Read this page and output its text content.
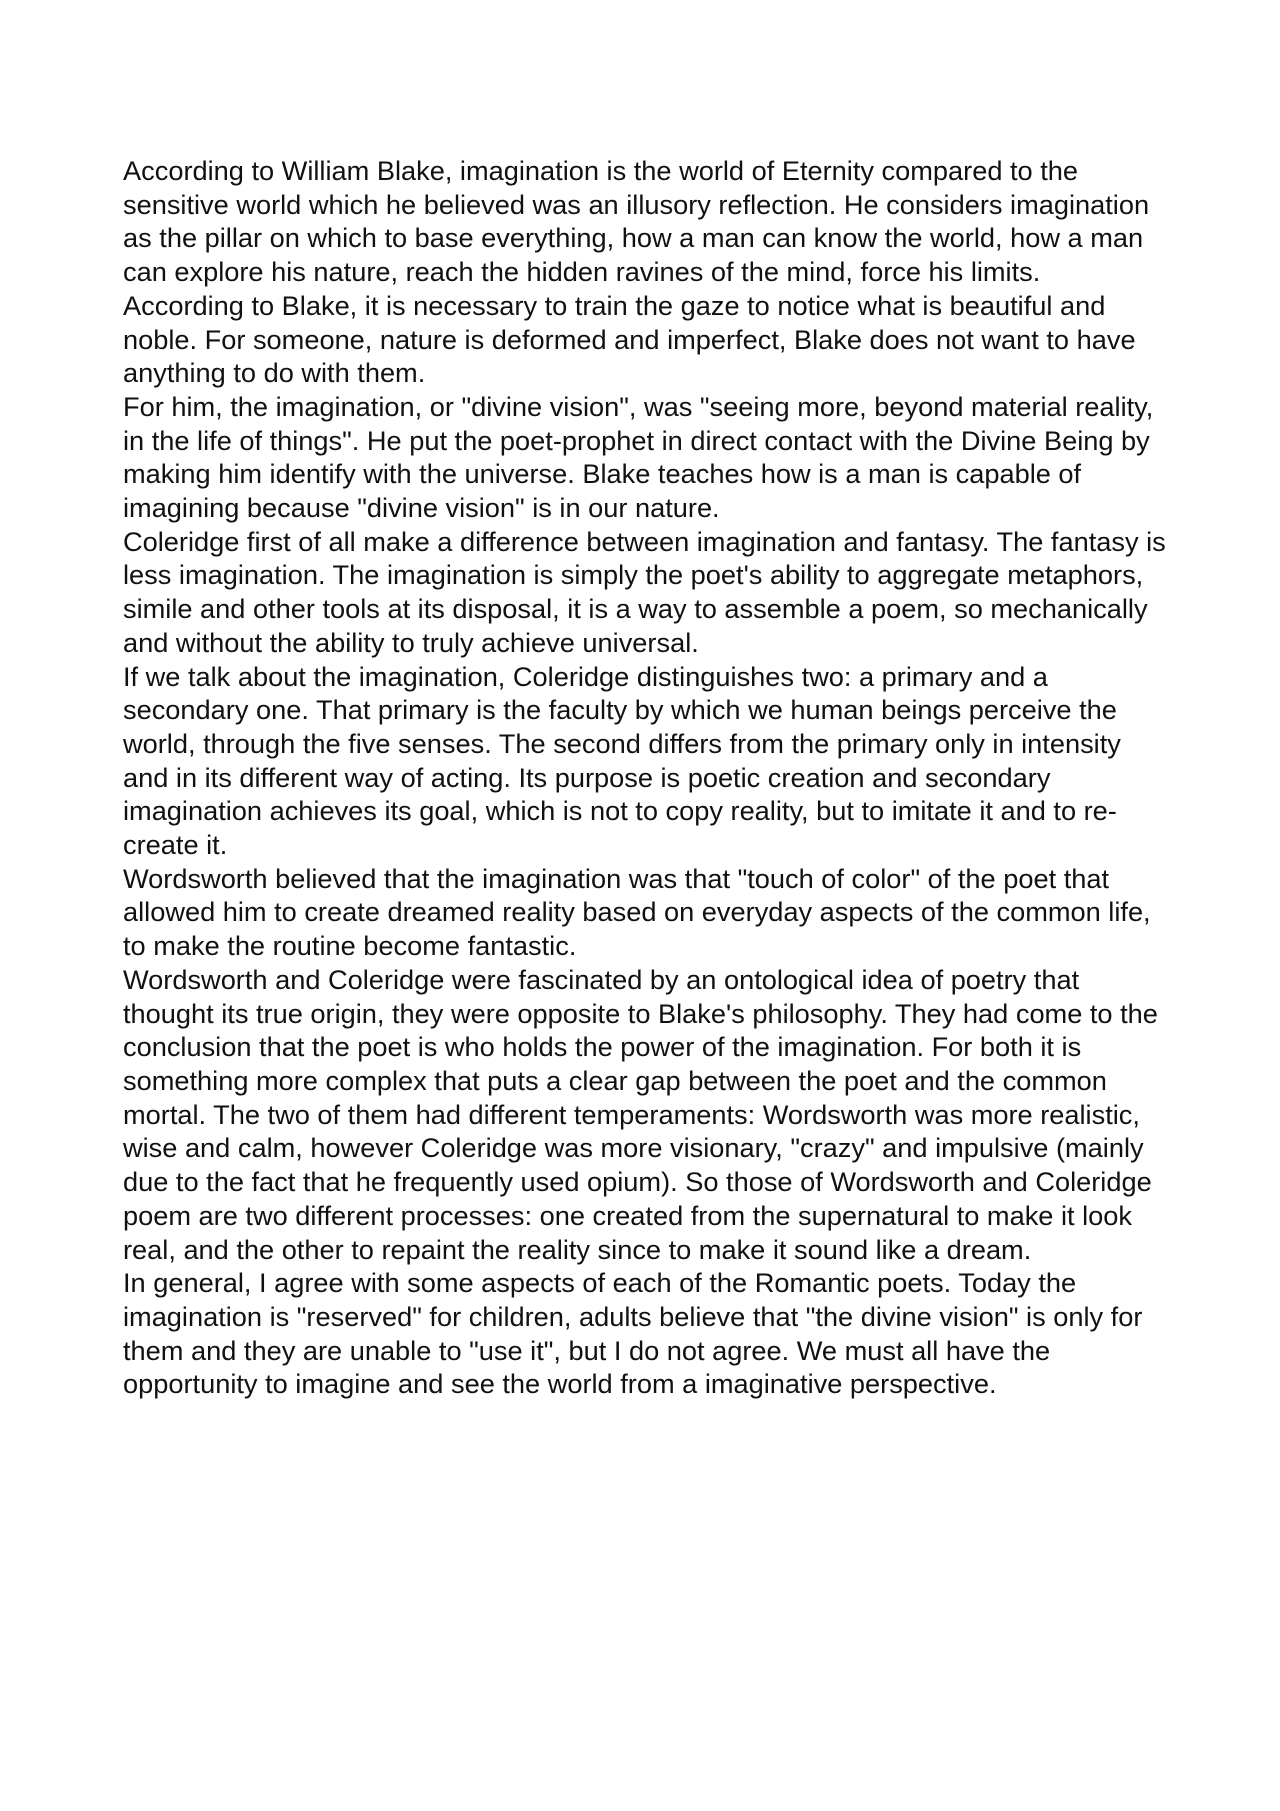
According to William Blake, imagination is the world of Eternity compared to the sensitive world which he believed was an illusory reflection. He considers imagination as the pillar on which to base everything, how a man can know the world, how a man can explore his nature, reach the hidden ravines of the mind, force his limits.

According to Blake, it is necessary to train the gaze to notice what is beautiful and noble. For someone, nature is deformed and imperfect, Blake does not want to have anything to do with them.

For him, the imagination, or "divine vision", was "seeing more, beyond material reality, in the life of things". He put the poet-prophet in direct contact with the Divine Being by making him identify with the universe. Blake teaches how is a man is capable of imagining because "divine vision" is in our nature.

Coleridge first of all make a difference between imagination and fantasy. The fantasy is less imagination. The imagination is simply the poet's ability to aggregate metaphors, simile and other tools at its disposal, it is a way to assemble a poem, so mechanically and without the ability to truly achieve universal.

If we talk about the imagination, Coleridge distinguishes two: a primary and a secondary one. That primary is the faculty by which we human beings perceive the world, through the five senses. The second differs from the primary only in intensity and in its different way of acting. Its purpose is poetic creation and secondary imagination achieves its goal, which is not to copy reality, but to imitate it and to re-create it.

Wordsworth believed that the imagination was that "touch of color" of the poet that allowed him to create dreamed reality based on everyday aspects of the common life, to make the routine become fantastic.

Wordsworth and Coleridge were fascinated by an ontological idea of poetry that thought its true origin, they were opposite to Blake's philosophy. They had come to the conclusion that the poet is who holds the power of the imagination. For both it is something more complex that puts a clear gap between the poet and the common mortal. The two of them had different temperaments: Wordsworth was more realistic, wise and calm, however Coleridge was more visionary, "crazy" and impulsive (mainly due to the fact that he frequently used opium). So those of Wordsworth and Coleridge poem are two different processes: one created from the supernatural to make it look real, and the other to repaint the reality since to make it sound like a dream.

In general, I agree with some aspects of each of the Romantic poets. Today the imagination is "reserved" for children, adults believe that "the divine vision" is only for them and they are unable to "use it", but I do not agree. We must all have the opportunity to imagine and see the world from a imaginative perspective.
